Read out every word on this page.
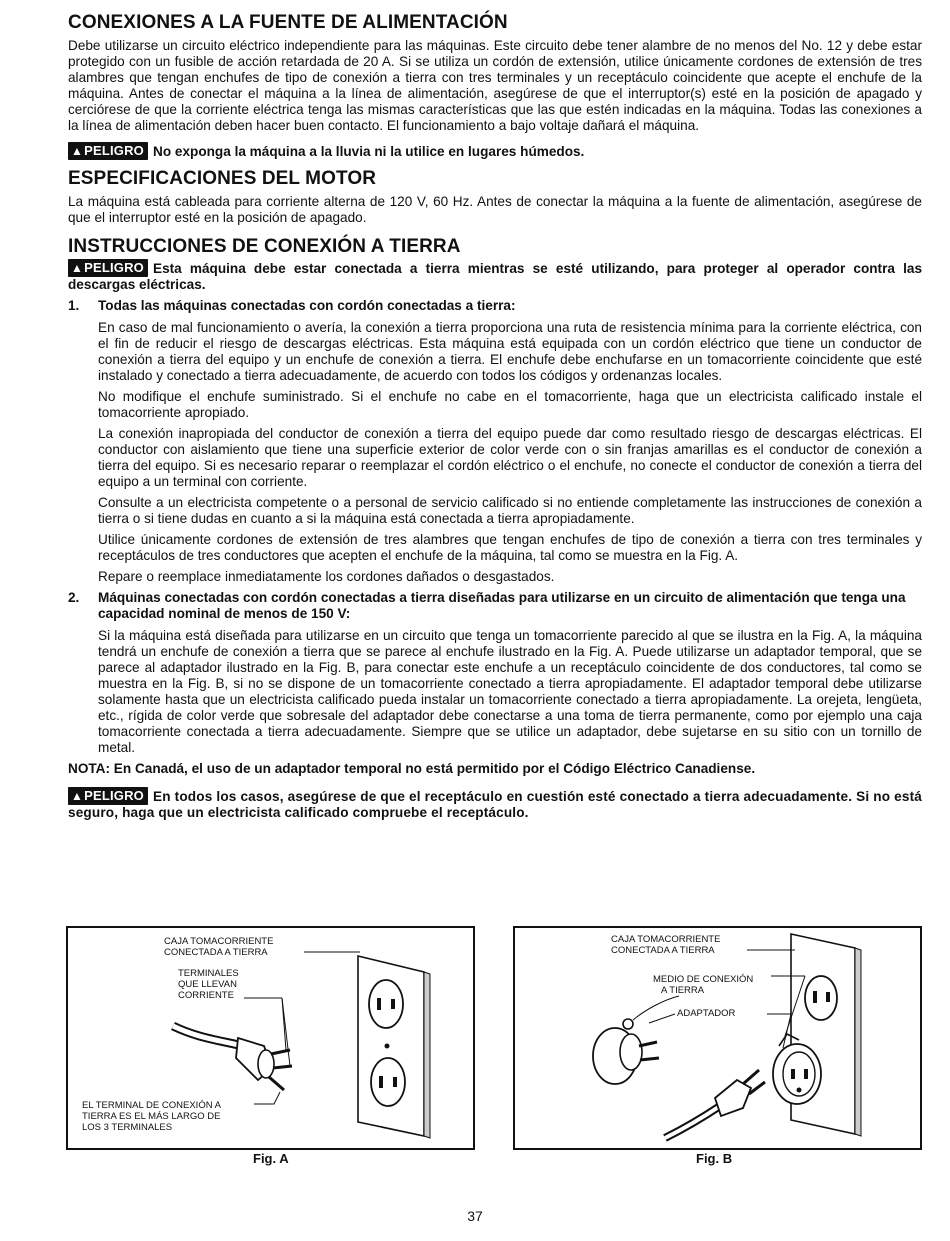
CONEXIONES A LA FUENTE DE ALIMENTACIÓN

Debe utilizarse un circuito eléctrico independiente para las máquinas. Este circuito debe tener alambre de no menos del No. 12 y debe estar protegido con un fusible de acción retardada de 20 A. Si se utiliza un cordón de extensión, utilice únicamente cordones de extensión de tres alambres que tengan enchufes de tipo de conexión a tierra con tres terminales y un receptáculo coincidente que acepte el enchufe de la máquina. Antes de conectar el máquina a la línea de alimentación, asegúrese de que el interruptor(s) esté en la posición de apagado y cerciórese de que la corriente eléctrica tenga las mismas características que las que estén indicadas en la máquina. Todas las conexiones a la línea de alimentación deben hacer buen contacto. El funcionamiento a bajo voltaje dañará el máquina.

▲PELIGRO No exponga la máquina a la lluvia ni la utilice en lugares húmedos.
ESPECIFICACIONES DEL MOTOR

La máquina está cableada para corriente alterna de 120 V, 60 Hz. Antes de conectar la máquina a la fuente de alimentación, asegúrese de que el interruptor esté en la posición de apagado.

INSTRUCCIONES DE CONEXIÓN A TIERRA
▲PELIGRO Esta máquina debe estar conectada a tierra mientras se esté utilizando, para proteger al operador contra las descargas eléctricas.
1.	Todas las máquinas conectadas con cordón conectadas a tierra:

En caso de mal funcionamiento o avería, la conexión a tierra proporciona una ruta de resistencia mínima para la corriente eléctrica, con el fin de reducir el riesgo de descargas eléctricas. Esta máquina está equipada con un cordón eléctrico que tiene un conductor de conexión a tierra del equipo y un enchufe de conexión a tierra. El enchufe debe enchufarse en un tomacorriente coincidente que esté instalado y conectado a tierra adecuadamente, de acuerdo con todos los códigos y ordenanzas locales.

No modifique el enchufe suministrado. Si el enchufe no cabe en el tomacorriente, haga que un electricista calificado instale el tomacorriente apropiado.

La conexión inapropiada del conductor de conexión a tierra del equipo puede dar como resultado riesgo de descargas eléctricas. El conductor con aislamiento que tiene una superficie exterior de color verde con o sin franjas amarillas es el conductor de conexión a tierra del equipo. Si es necesario reparar o reemplazar el cordón eléctrico o el enchufe, no conecte el conductor de conexión a tierra del equipo a un terminal con corriente.

Consulte a un electricista competente o a personal de servicio calificado si no entiende completamente las instrucciones de conexión a tierra o si tiene dudas en cuanto a si la máquina está conectada a tierra apropiadamente.

Utilice únicamente cordones de extensión de tres alambres que tengan enchufes de tipo de conexión a tierra con tres terminales y receptáculos de tres conductores que acepten el enchufe de la máquina, tal como se muestra en la Fig. A.

Repare o reemplace inmediatamente los cordones dañados o desgastados.

2.	Máquinas conectadas con cordón conectadas a tierra diseñadas para utilizarse en un circuito de alimentación que tenga una capacidad nominal de menos de 150 V:

Si la máquina está diseñada para utilizarse en un circuito que tenga un tomacorriente parecido al que se ilustra en la Fig. A, la máquina tendrá un enchufe de conexión a tierra que se parece al enchufe ilustrado en la Fig. A. Puede utilizarse un adaptador temporal, que se parece al adaptador ilustrado en la Fig. B, para conectar este enchufe a un receptáculo coincidente de dos conductores, tal como se muestra en la Fig. B, si no se dispone de un tomacorriente conectado a tierra apropiadamente. El adaptador temporal debe utilizarse solamente hasta que un electricista calificado pueda instalar un tomacorriente conectado a tierra apropiadamente. La orejeta, lengüeta, etc., rígida de color verde que sobresale del adaptador debe conectarse a una toma de tierra permanente, como por ejemplo una caja tomacorriente conectada a tierra adecuadamente. Siempre que se utilice un adaptador, debe sujetarse en su sitio con un tornillo de metal.

NOTA: En Canadá, el uso de un adaptador temporal no está permitido por el Código Eléctrico Canadiense.
▲PELIGRO En todos los casos, asegúrese de que el receptáculo en cuestión esté conectado a tierra adecuadamente. Si no está seguro, haga que un electricista calificado compruebe el receptáculo.
CAJA TOMACORRIENTE
CONECTADA A TIERRA
TERMINALES
QUE LLEVAN
CORRIENTE
EL TERMINAL DE CONEXIÓN A
TIERRA ES EL MÁS LARGO DE
LOS 3 TERMINALES
Fig. A
CAJA TOMACORRIENTE
CONECTADA A TIERRA
MEDIO DE CONEXIÓN
A TIERRA
ADAPTADOR
Fig. B
37
